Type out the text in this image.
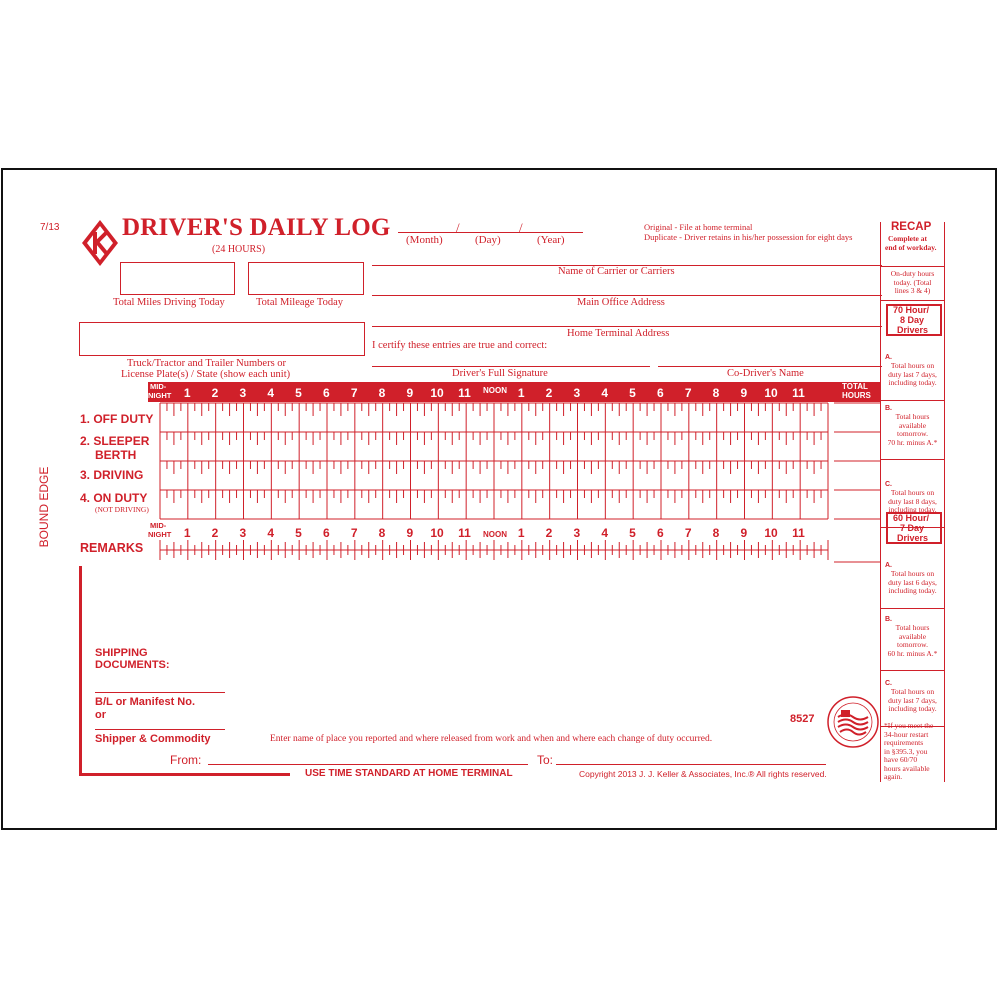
7/13
BOUND EDGE
DRIVER'S DAILY LOG
(24 HOURS)
/	/
(Month)	(Day)	(Year)
Original - File at home terminal
Duplicate - Driver retains in his/her possession for eight days
Total Miles Driving Today	Total Mileage Today
Name of Carrier or Carriers
Main Office Address
Home Terminal Address
I certify these entries are true and correct:
Truck/Tractor and Trailer Numbers or
License Plate(s) / State (show each unit)	Driver's Full Signature	Co-Driver's Name
MID-
NIGHT
NOON	TOTAL
HOURS
1 2 3 4 5 6 7 8 9 10 11	1 2 3 4 5 6 7 8 9 10 11
1. OFF DUTY
2. SLEEPER
BERTH
3. DRIVING
4. ON DUTY
(NOT DRIVING)
MID-
NIGHT	NOON
1 2 3 4 5 6 7 8 9 10 11	1 2 3 4 5 6 7 8 9 10 11
REMARKS
SHIPPING
DOCUMENTS:
B/L or Manifest No.
or
Shipper & Commodity	Enter name of place you reported and where released from work and when and where each change of duty occurred.
From:	To:
USE TIME STANDARD AT HOME TERMINAL	Copyright 2013 J. J. Keller & Associates, Inc.® All rights reserved.
8527
RECAP
Complete at
end of workday.
On-duty hours
today. (Total
lines 3 & 4)
70 Hour/
8 Day
Drivers
A.
Total hours on
duty last 7 days,
including today.
B.
Total hours
available
tomorrow.
70 hr. minus A.*
C.
Total hours on
duty last 8 days,
including today.
60 Hour/
7 Day
Drivers
A.
Total hours on
duty last 6 days,
including today.
B.
Total hours
available
tomorrow.
60 hr. minus A.*
C.
Total hours on
duty last 7 days,
including today.
*If you meet the
34-hour restart
requirements
in §395.3, you
have 60/70
hours available
again.
